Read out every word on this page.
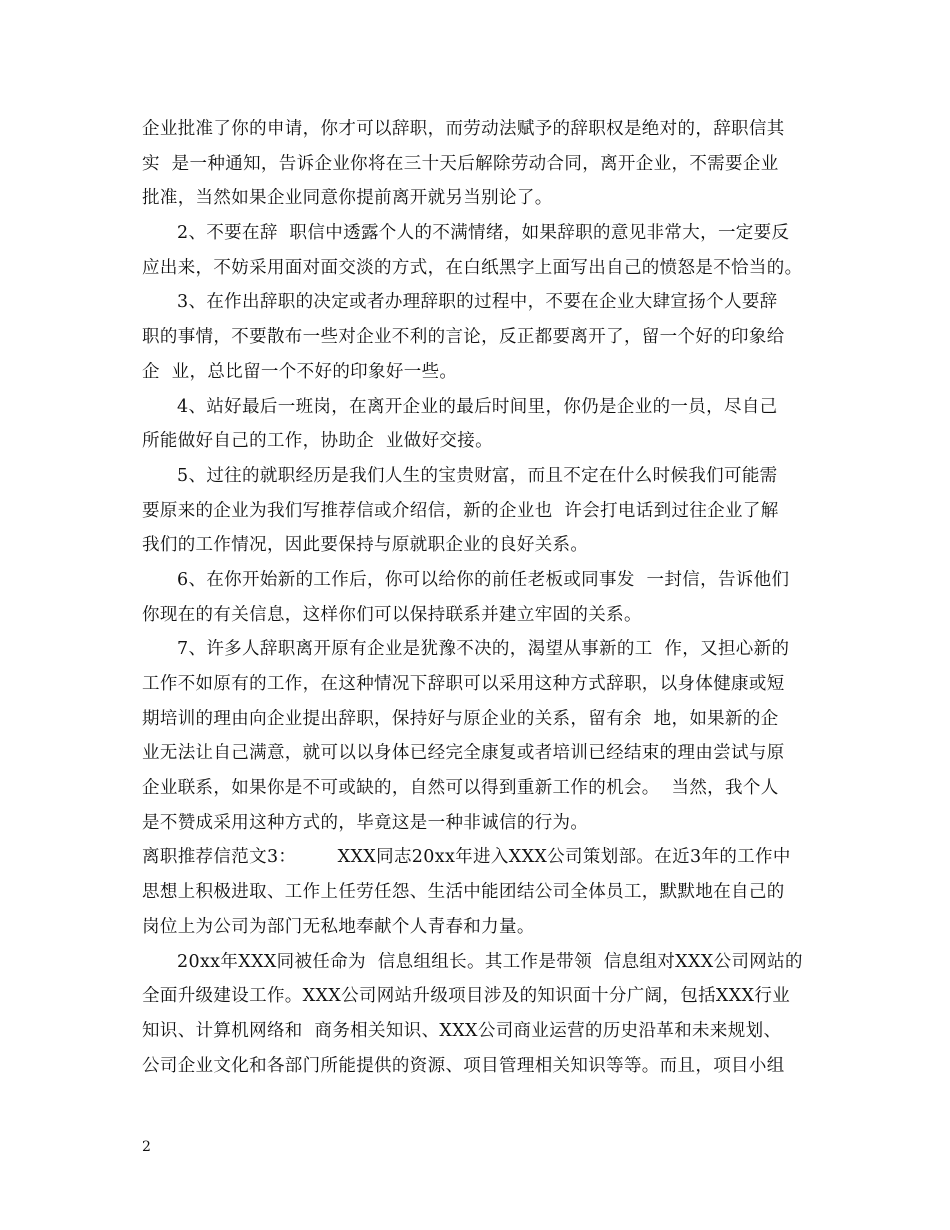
企业批准了你的申请，你才可以辞职，而劳动法赋予的辞职权是绝对的，辞职信其
实  是一种通知，告诉企业你将在三十天后解除劳动合同，离开企业，不需要企业
批准，当然如果企业同意你提前离开就另当别论了。
2、不要在辞  职信中透露个人的不满情绪，如果辞职的意见非常大，一定要反
应出来，不妨采用面对面交淡的方式，在白纸黑字上面写出自己的愤怒是不恰当的。
3、在作出辞职的决定或者办理辞职的过程中，不要在企业大肆宣扬个人要辞
职的事情，不要散布一些对企业不利的言论，反正都要离开了，留一个好的印象给
企  业，总比留一个不好的印象好一些。
4、站好最后一班岗，在离开企业的最后时间里，你仍是企业的一员，尽自己
所能做好自己的工作，协助企  业做好交接。
5、过往的就职经历是我们人生的宝贵财富，而且不定在什么时候我们可能需
要原来的企业为我们写推荐信或介绍信，新的企业也  许会打电话到过往企业了解
我们的工作情况，因此要保持与原就职企业的良好关系。
6、在你开始新的工作后，你可以给你的前任老板或同事发  一封信，告诉他们
你现在的有关信息，这样你们可以保持联系并建立牢固的关系。
7、许多人辞职离开原有企业是犹豫不决的，渴望从事新的工  作，又担心新的
工作不如原有的工作，在这种情况下辞职可以采用这种方式辞职，以身体健康或短
期培训的理由向企业提出辞职，保持好与原企业的关系，留有余  地，如果新的企
业无法让自己满意，就可以以身体已经完全康复或者培训已经结束的理由尝试与原
企业联系，如果你是不可或缺的，自然可以得到重新工作的机会。  当然，我个人
是不赞成采用这种方式的，毕竟这是一种非诚信的行为。
离职推荐信范文3：       XXX同志20xx年进入XXX公司策划部。在近3年的工作中
思想上积极进取、工作上任劳任怨、生活中能团结公司全体员工，默默地在自己的
岗位上为公司为部门无私地奉献个人青春和力量。
20xx年XXX同被任命为  信息组组长。其工作是带领  信息组对XXX公司网站的
全面升级建设工作。XXX公司网站升级项目涉及的知识面十分广阔，包括XXX行业
知识、计算机网络和  商务相关知识、XXX公司商业运营的历史沿革和未来规划、
公司企业文化和各部门所能提供的资源、项目管理相关知识等等。而且，项目小组
2
